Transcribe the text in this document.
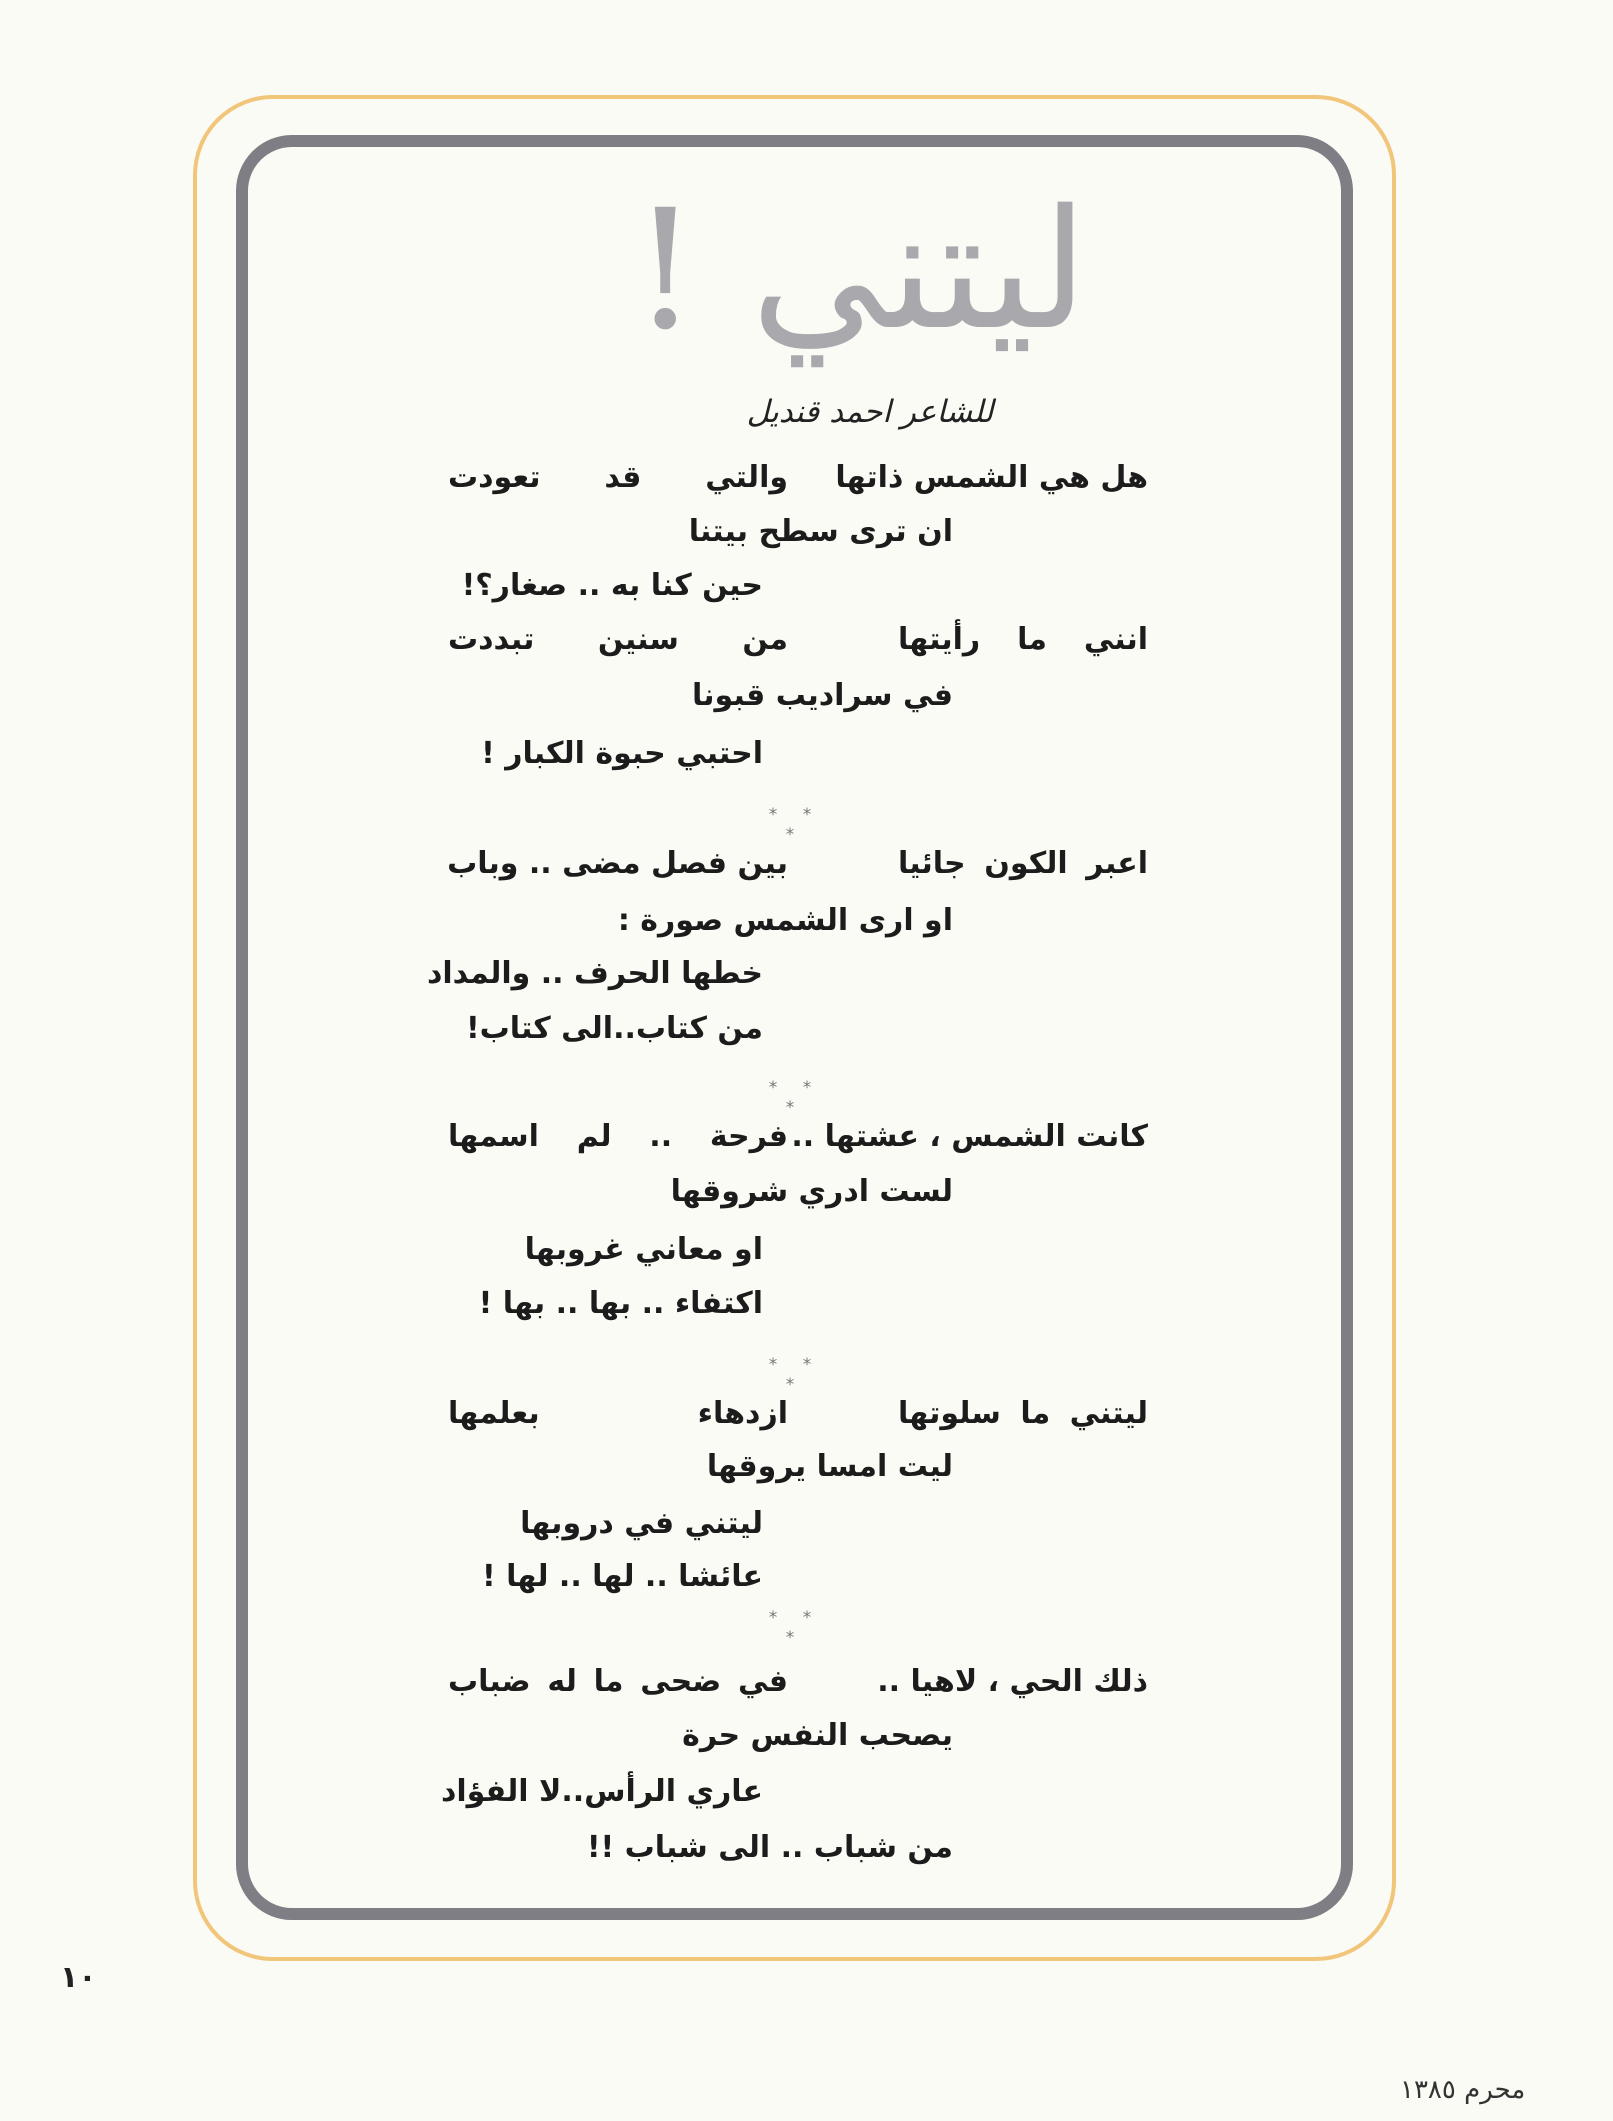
ليتني !
للشاعر احمد قنديل
هل هي الشمس ذاتها
والتي قد تعودت
ان ترى سطح بيتنا
حين كنا به .. صغار؟!
انني ما رأيتها
من سنين تبددت
في سراديب قبونا
احتبي حبوة الكبار !
* * *
اعبر الكون جائيا
بين فصل مضى .. وباب
او ارى الشمس صورة :
خطها الحرف .. والمداد
من كتاب..الى كتاب!
* * *
كانت الشمس ، عشتها ..
فرحة .. لم اسمها
لست ادري شروقها
او معاني غروبها
اكتفاء .. بها .. بها !
* * *
ليتني ما سلوتها
ازدهاء بعلمها
ليت امسا يروقها
ليتني في دروبها
عائشا .. لها .. لها !
* * *
ذلك الحي ، لاهيا ..
في ضحى ما له ضباب
يصحب النفس حرة
عاري الرأس..لا الفؤاد
من شباب .. الى شباب !!
١٠
محرم ١٣٨٥
